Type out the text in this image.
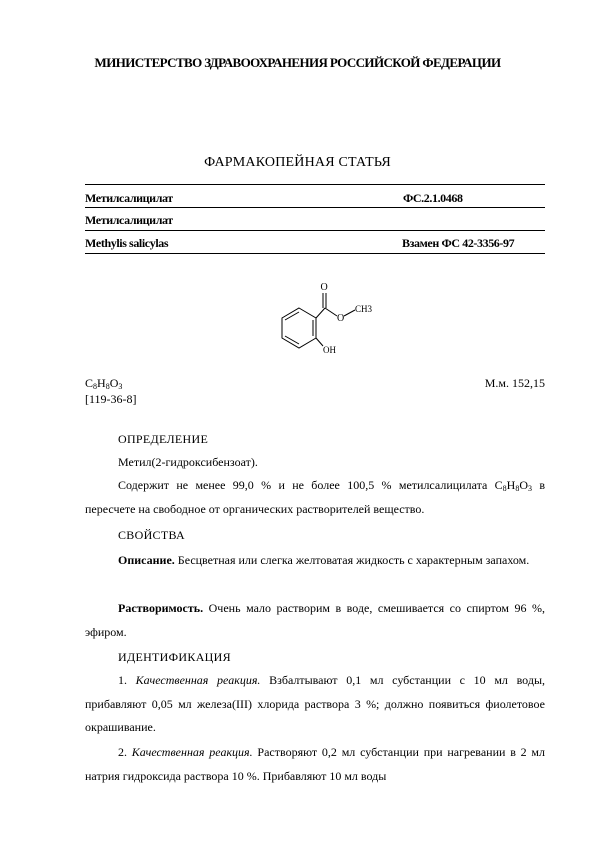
МИНИСТЕРСТВО ЗДРАВООХРАНЕНИЯ РОССИЙСКОЙ ФЕДЕРАЦИИ
ФАРМАКОПЕЙНАЯ СТАТЬЯ
Метилсалицилат	ФС.2.1.0468
Метилсалицилат
Methylis salicylas	Взамен ФС 42-3356-97
O
O
CH3
OH
$C_8H_8O_3$
[119-36-8]
М.м. 152,15
ОПРЕДЕЛЕНИЕ
Метил(2-гидроксибензоат).
Содержит не менее 99,0 % и не более 100,5 % метилсалицилата $C_8H_8O_3$ в пересчете на свободное от органических растворителей вещество.
СВОЙСТВА
Описание. Бесцветная или слегка желтоватая жидкость с характерным запахом.
Растворимость. Очень мало растворим в воде, смешивается со спиртом 96 %, эфиром.
ИДЕНТИФИКАЦИЯ
1. Качественная реакция. Взбалтывают 0,1 мл субстанции с 10 мл воды, прибавляют 0,05 мл железа(III) хлорида раствора 3 %; должно появиться фиолетовое окрашивание.
2. Качественная реакция. Растворяют 0,2 мл субстанции при нагревании в 2 мл натрия гидроксида раствора 10 %. Прибавляют 10 мл воды
